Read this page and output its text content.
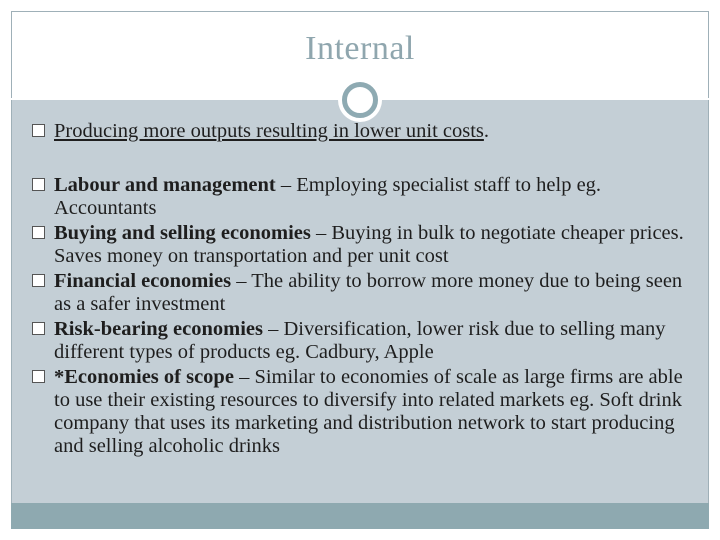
Internal

Producing more outputs resulting in lower unit costs.

Labour and management – Employing specialist staff to help eg. Accountants

Buying and selling economies – Buying in bulk to negotiate cheaper prices. Saves money on transportation and per unit cost

Financial economies – The ability to borrow more money due to being seen as a safer investment

Risk-bearing economies – Diversification, lower risk due to selling many different types of products eg. Cadbury, Apple

*Economies of scope – Similar to economies of scale as large firms are able to use their existing resources to diversify into related markets eg. Soft drink company that uses its marketing and distribution network to start producing and selling alcoholic drinks
